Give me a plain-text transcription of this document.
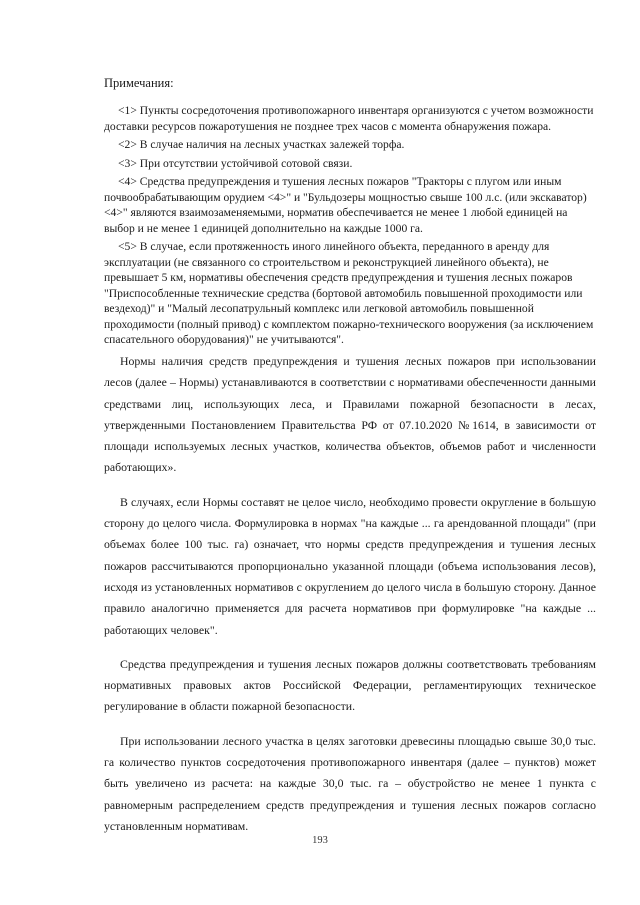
Примечания:

<1> Пункты сосредоточения противопожарного инвентаря организуются с учетом возможности доставки ресурсов пожаротушения не позднее трех часов с момента обнаружения пожара.

<2> В случае наличия на лесных участках залежей торфа.

<3> При отсутствии устойчивой сотовой связи.

<4> Средства предупреждения и тушения лесных пожаров "Тракторы с плугом или иным почвообрабатывающим орудием <4>" и "Бульдозеры мощностью свыше 100 л.с. (или экскаватор) <4>" являются взаимозаменяемыми, норматив обеспечивается не менее 1 любой единицей на выбор и не менее 1 единицей дополнительно на каждые 1000 га.

<5> В случае, если протяженность иного линейного объекта, переданного в аренду для эксплуатации (не связанного со строительством и реконструкцией линейного объекта), не превышает 5 км, нормативы обеспечения средств предупреждения и тушения лесных пожаров "Приспособленные технические средства (бортовой автомобиль повышенной проходимости или вездеход)" и "Малый лесопатрульный комплекс или легковой автомобиль повышенной проходимости (полный привод) с комплектом пожарно-технического вооружения (за исключением спасательного оборудования)" не учитываются".

Нормы наличия средств предупреждения и тушения лесных пожаров при использовании лесов (далее – Нормы) устанавливаются в соответствии с нормативами обеспеченности данными средствами лиц, использующих леса, и Правилами пожарной безопасности в лесах, утвержденными Постановлением Правительства РФ от 07.10.2020 №1614, в зависимости от площади используемых лесных участков, количества объектов, объемов работ и численности работающих».

В случаях, если Нормы составят не целое число, необходимо провести округление в большую сторону до целого числа. Формулировка в нормах "на каждые ... га арендованной площади" (при объемах более 100 тыс. га) означает, что нормы средств предупреждения и тушения лесных пожаров рассчитываются пропорционально указанной площади (объема использования лесов), исходя из установленных нормативов с округлением до целого числа в большую сторону. Данное правило аналогично применяется для расчета нормативов при формулировке "на каждые ... работающих человек".

Средства предупреждения и тушения лесных пожаров должны соответствовать требованиям нормативных правовых актов Российской Федерации, регламентирующих техническое регулирование в области пожарной безопасности.

При использовании лесного участка в целях заготовки древесины площадью свыше 30,0 тыс. га количество пунктов сосредоточения противопожарного инвентаря (далее – пунктов) может быть увеличено из расчета: на каждые 30,0 тыс. га – обустройство не менее 1 пункта с равномерным распределением средств предупреждения и тушения лесных пожаров согласно установленным нормативам.

193
